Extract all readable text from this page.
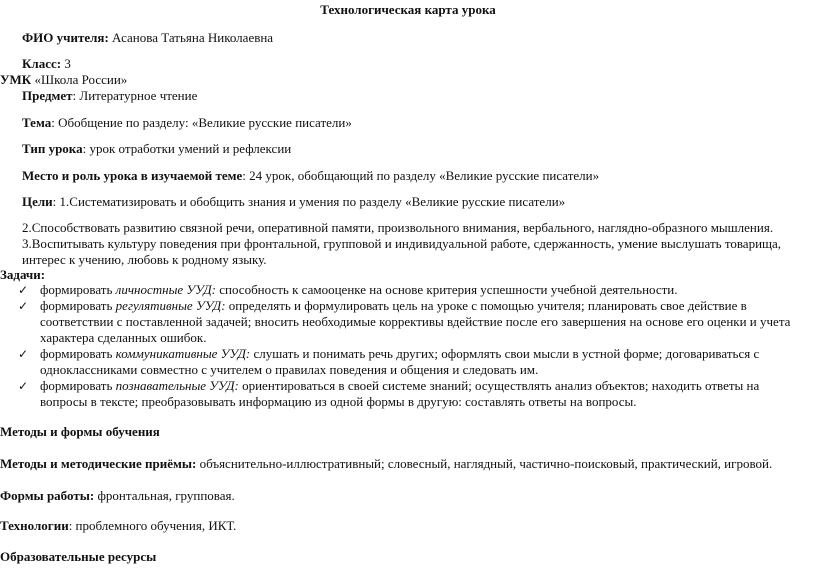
Технологическая карта урока
ФИО учителя: Асанова Татьяна Николаевна
Класс: 3
УМК «Школа России»
Предмет: Литературное чтение
Тема: Обобщение по разделу: «Великие русские писатели»
Тип урока: урок отработки умений и рефлексии
Место и роль урока в изучаемой теме: 24 урок, обобщающий по разделу «Великие русские писатели»
Цели: 1.Систематизировать и обобщить знания и умения по разделу «Великие русские писатели»
2.Способствовать развитию связной речи, оперативной памяти, произвольного внимания, вербального, наглядно-образного мышления.
3.Воспитывать культуру поведения при фронтальной, групповой и индивидуальной работе, сдержанность, умение выслушать товарища,
интерес к учению, любовь к родному языку.
Задачи:
✓ формировать личностные УУД: способность к самооценке на основе критерия успешности учебной деятельности.
✓ формировать регулятивные УУД: определять и формулировать цель на уроке с помощью учителя; планировать свое действие в
соответствии с поставленной задачей; вносить необходимые коррективы вдействие после его завершения на основе его оценки и учета
характера сделанных ошибок.
✓ формировать коммуникативные УУД: слушать и понимать речь других; оформлять свои мысли в устной форме; договариваться с
одноклассниками совместно с учителем о правилах поведения и общения и следовать им.
✓ формировать познавательные УУД: ориентироваться в своей системе знаний; осуществлять анализ объектов; находить ответы на
вопросы в тексте; преобразовывать информацию из одной формы в другую: составлять ответы на вопросы.
Методы и формы обучения
Методы и методические приёмы: объяснительно-иллюстративный; словесный, наглядный, частично-поисковый, практический, игровой.
Формы работы: фронтальная, групповая.
Технологии: проблемного обучения, ИКТ.
Образовательные ресурсы
